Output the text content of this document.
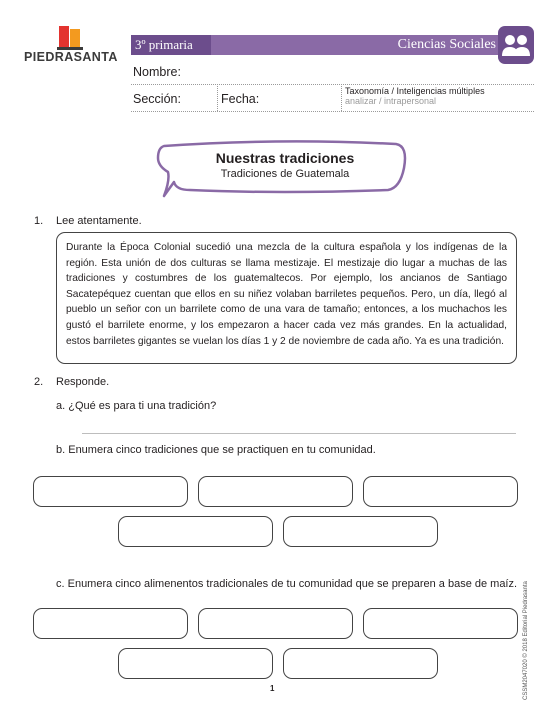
PIEDRASANTA
3º primaria	Ciencias Sociales
Nombre:
Sección:	Fecha:
Taxonomía / Inteligencias múltiples
analizar / intrapersonal
Nuestras tradiciones
Tradiciones de Guatemala
1. Lee atentamente.
Durante la Época Colonial sucedió una mezcla de la cultura española y los indígenas de la región. Esta unión de dos culturas se llama mestizaje. El mestizaje dio lugar a muchas de las tradiciones y costumbres de los guatemaltecos. Por ejemplo, los ancianos de Santiago Sacatepéquez cuentan que ellos en su niñez volaban barriletes pequeños. Pero, un día, llegó al pueblo un señor con un barrilete como de una vara de tamaño; entonces, a los muchachos les gustó el barrilete enorme, y los empezaron a hacer cada vez más grandes. En la actualidad, estos barriletes gigantes se vuelan los días 1 y 2 de noviembre de cada año. Ya es una tradición.
2. Responde.
a. ¿Qué es para ti una tradición?
b. Enumera cinco tradiciones que se practiquen en tu comunidad.
c. Enumera cinco alimenentos tradicionales de tu comunidad que se preparen a base de maíz. CSSM2047020 © 2018 Editorial Piedrasanta
1
